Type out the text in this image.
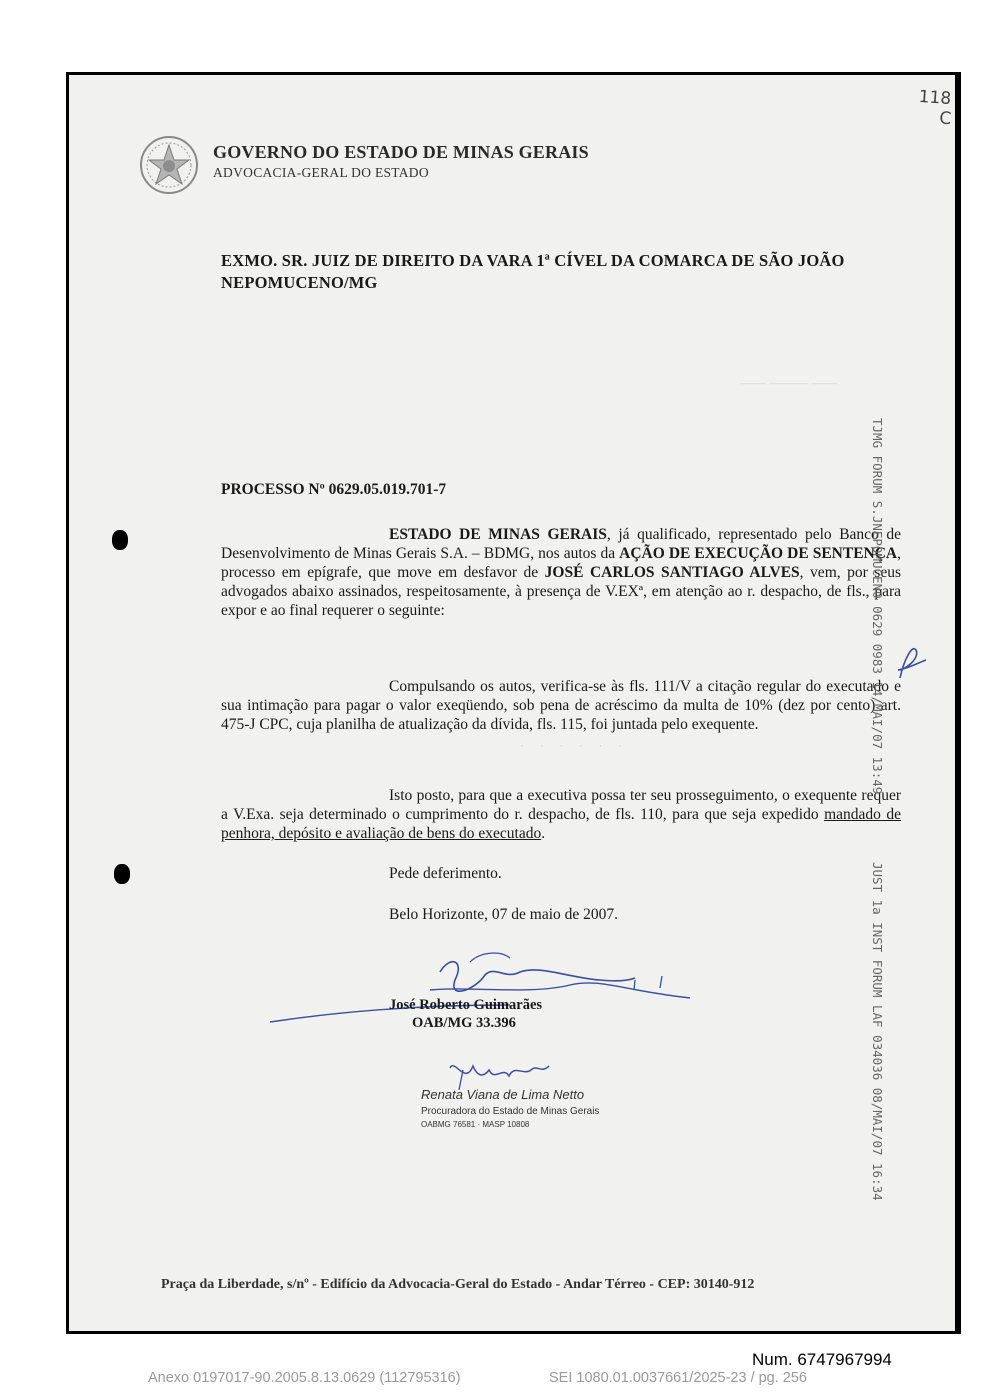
—— ——— ——
· · · · · ·
GOVERNO DO ESTADO DE MINAS GERAIS
ADVOCACIA-GERAL DO ESTADO
118
C
EXMO. SR. JUIZ DE DIREITO DA VARA 1ª CÍVEL DA COMARCA DE SÃO JOÃO NEPOMUCENO/MG
PROCESSO Nº 0629.05.019.701-7
ESTADO DE MINAS GERAIS, já qualificado, representado pelo Banco de Desenvolvimento de Minas Gerais S.A. – BDMG, nos autos da AÇÃO DE EXECUÇÃO DE SENTENÇA, processo em epígrafe, que move em desfavor de JOSÉ CARLOS SANTIAGO ALVES, vem, por seus advogados abaixo assinados, respeitosamente, à presença de V.EXª, em atenção ao r. despacho, de fls., para expor e ao final requerer o seguinte:
Compulsando os autos, verifica-se às fls. 111/V a citação regular do executado e sua intimação para pagar o valor exeqüendo, sob pena de acréscimo da multa de 10% (dez por cento) art. 475-J CPC, cuja planilha de atualização da dívida, fls. 115, foi juntada pelo exequente.
Isto posto, para que a executiva possa ter seu prosseguimento, o exequente requer a V.Exa. seja determinado o cumprimento do r. despacho, de fls. 110, para que seja expedido mandado de penhora, depósito e avaliação de bens do executado.
Pede deferimento.
Belo Horizonte, 07 de maio de 2007.
José Roberto Guimarães
OAB/MG 33.396
Renata Viana de Lima Netto
Procuradora do Estado de Minas Gerais
OABMG 76581 · MASP 10808
TJMG FORUM S.JNEPOMUCENO 0629 0983 14/MAI/07 13:49
JUST 1a INST FORUM LAF 034036 08/MAI/07 16:34
Praça da Liberdade, s/nº - Edifício da Advocacia-Geral do Estado - Andar Térreo - CEP: 30140-912
Num. 6747967994
Anexo 0197017-90.2005.8.13.0629 (112795316)	SEI 1080.01.0037661/2025-23 / pg. 256
